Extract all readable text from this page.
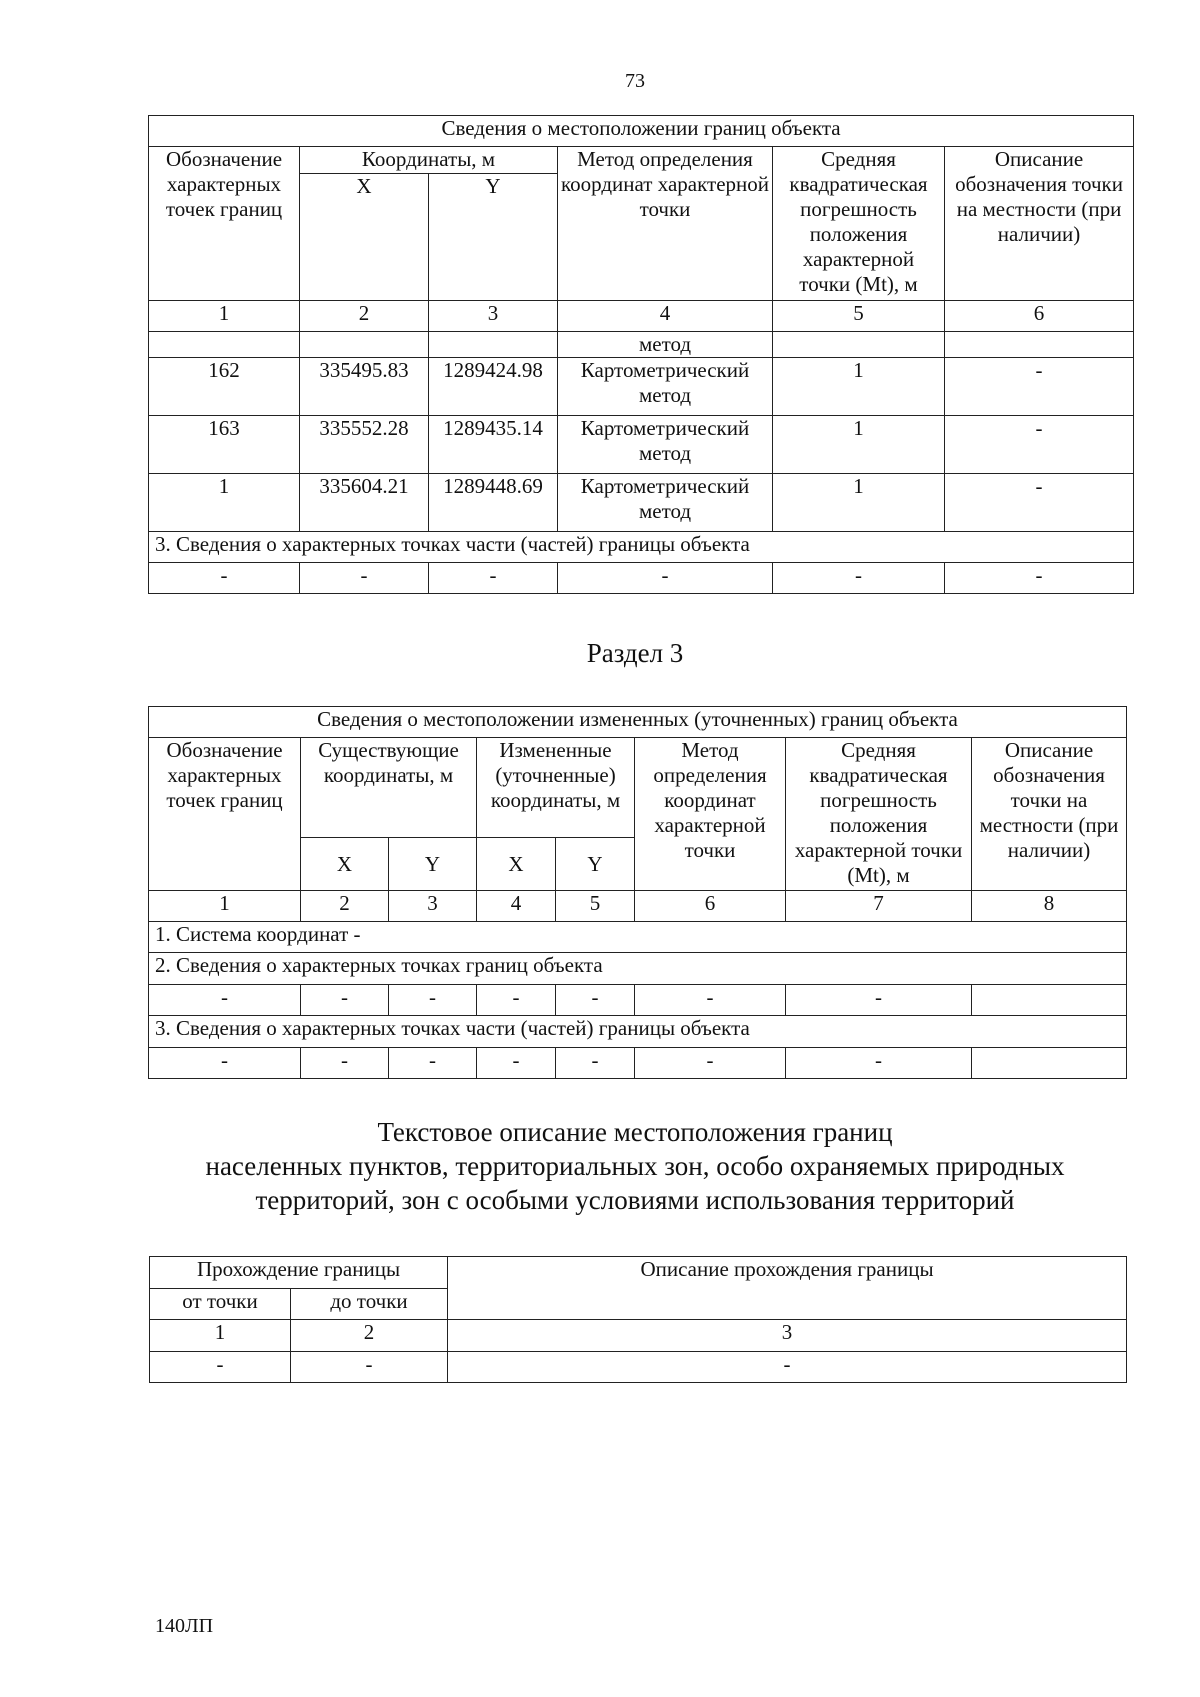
73
Сведения о местоположении границ объекта					
Обозначение характерных точек границ	Координаты, м		Метод определения координат характерной точки	Средняя квадратическая погрешность положения характерной точки (Mt), м	Описание обозначения точки на местности (при наличии)
	X	Y			
1	2	3	4	5	6
			метод		
162	335495.83	1289424.98	Картометрический метод	1	-
163	335552.28	1289435.14	Картометрический метод	1	-
1	335604.21	1289448.69	Картометрический метод	1	-
3. Сведения о характерных точках части (частей) границы объекта					
-	-	-	-	-	-
Раздел 3
Сведения о местоположении измененных (уточненных) границ объекта							
Обозначение характерных точек границ	Существующие координаты, м		Измененные (уточненные) координаты, м		Метод определения координат характерной точки	Средняя квадратическая погрешность положения характерной точки (Mt), м	Описание обозначения точки на местности (при наличии)
	X	Y	X	Y			
1	2	3	4	5	6	7	8
1. Система координат -							
2. Сведения о характерных точках границ объекта							
-	-	-	-	-	-	-	
3. Сведения о характерных точках части (частей) границы объекта							
-	-	-	-	-	-	-	
Текстовое описание местоположения границ
населенных пунктов, территориальных зон, особо охраняемых природных
территорий, зон с особыми условиями использования территорий
Прохождение границы		Описание прохождения границы
от точки	до точки	
1	2	3
-	-	-
140ЛП
